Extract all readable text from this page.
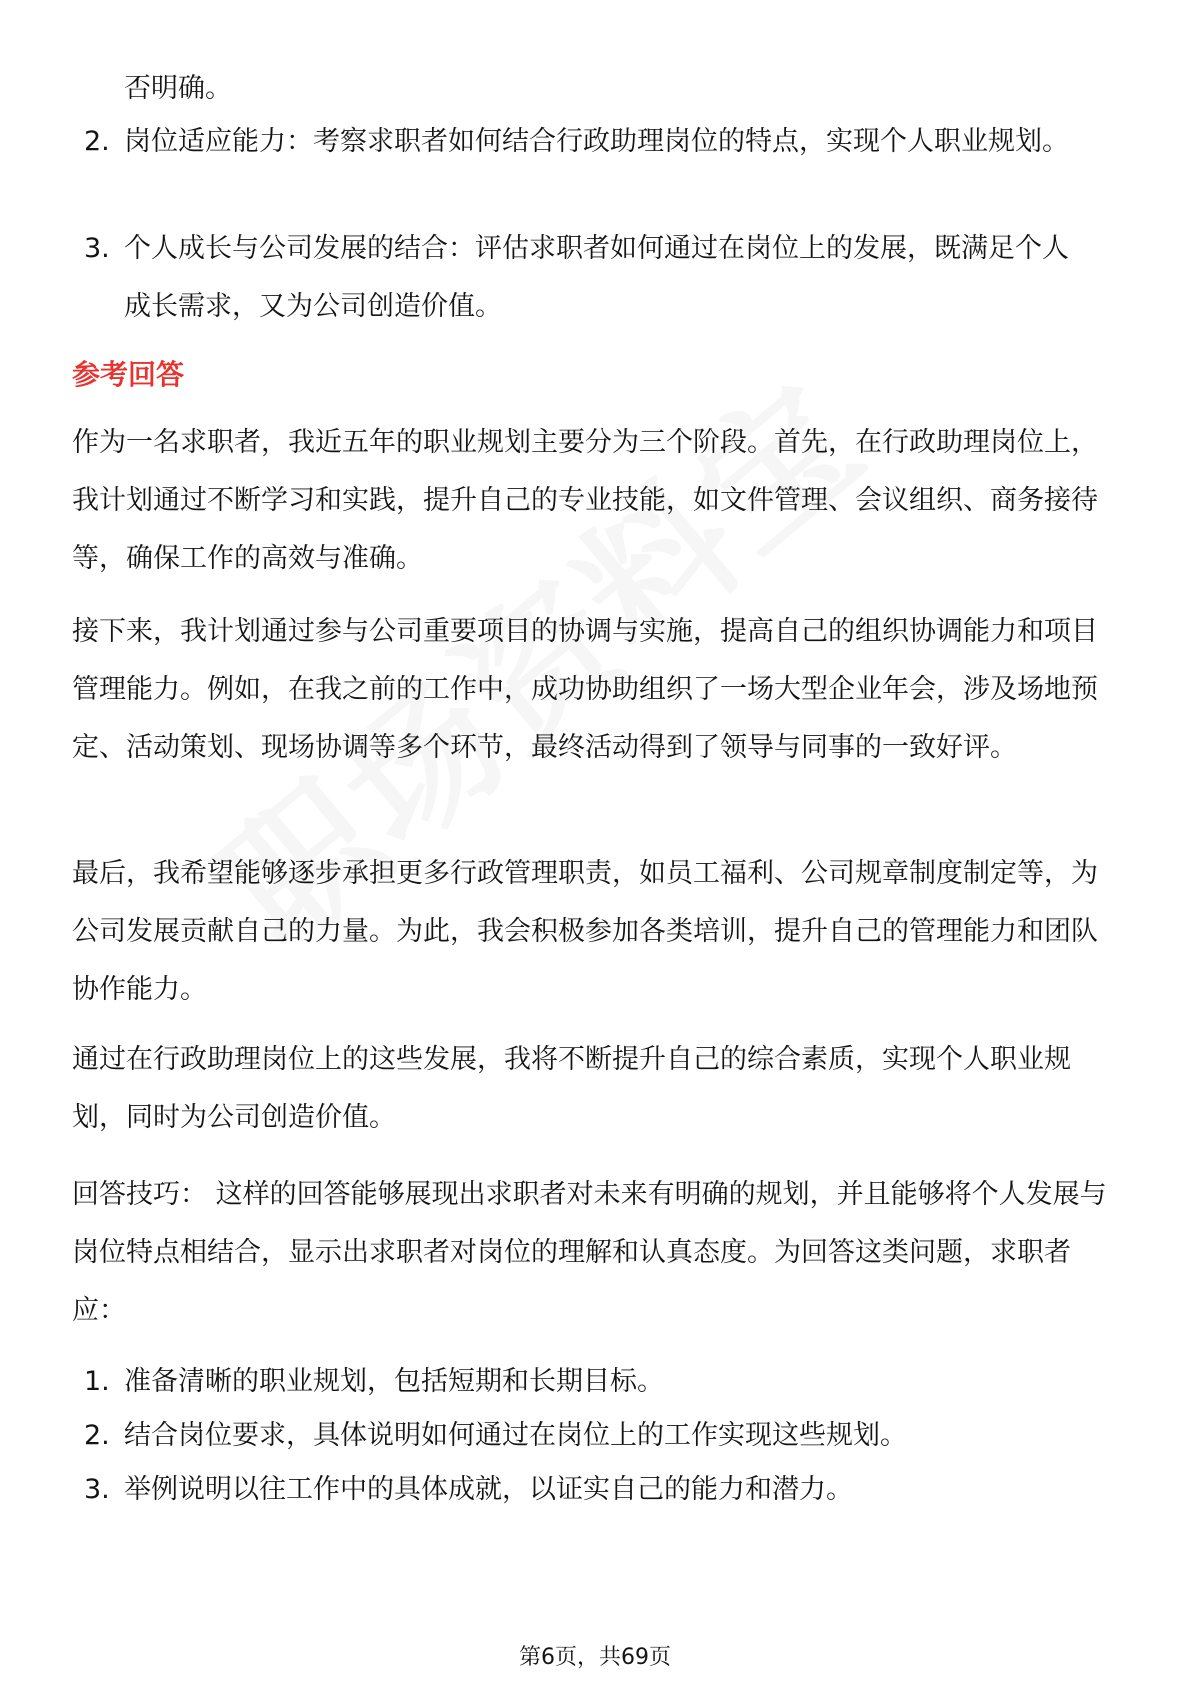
否明确。
2. 岗位适应能力：考察求职者如何结合行政助理岗位的特点，实现个人职业规划。
3. 个人成长与公司发展的结合：评估求职者如何通过在岗位上的发展，既满足个人成长需求，又为公司创造价值。
参考回答
作为一名求职者，我近五年的职业规划主要分为三个阶段。首先，在行政助理岗位上，我计划通过不断学习和实践，提升自己的专业技能，如文件管理、会议组织、商务接待等，确保工作的高效与准确。
接下来，我计划通过参与公司重要项目的协调与实施，提高自己的组织协调能力和项目管理能力。例如，在我之前的工作中，成功协助组织了一场大型企业年会，涉及场地预定、活动策划、现场协调等多个环节，最终活动得到了领导与同事的一致好评。
最后，我希望能够逐步承担更多行政管理职责，如员工福利、公司规章制度制定等，为公司发展贡献自己的力量。为此，我会积极参加各类培训，提升自己的管理能力和团队协作能力。
通过在行政助理岗位上的这些发展，我将不断提升自己的综合素质，实现个人职业规划，同时为公司创造价值。
回答技巧： 这样的回答能够展现出求职者对未来有明确的规划，并且能够将个人发展与岗位特点相结合，显示出求职者对岗位的理解和认真态度。为回答这类问题，求职者应：
1. 准备清晰的职业规划，包括短期和长期目标。
2. 结合岗位要求，具体说明如何通过在岗位上的工作实现这些规划。
3. 举例说明以往工作中的具体成就，以证实自己的能力和潜力。
第6页，共69页
